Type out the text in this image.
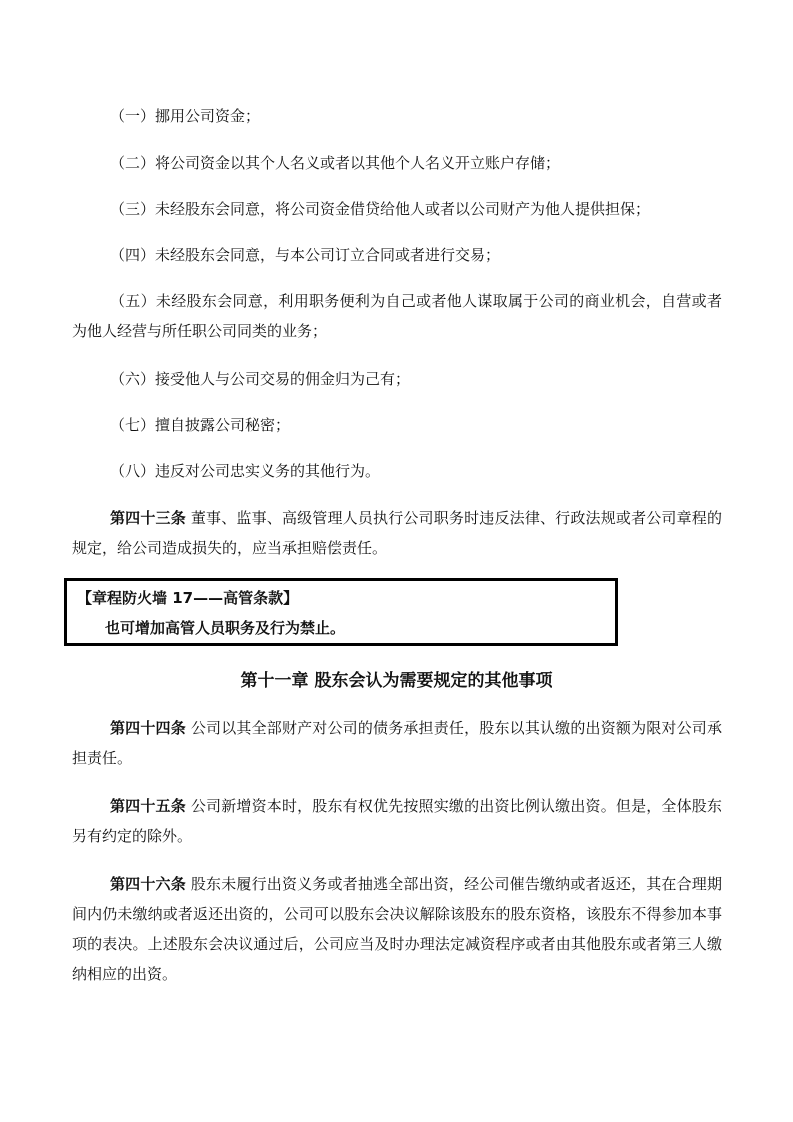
（一）挪用公司资金；
（二）将公司资金以其个人名义或者以其他个人名义开立账户存储；
（三）未经股东会同意，将公司资金借贷给他人或者以公司财产为他人提供担保；
（四）未经股东会同意，与本公司订立合同或者进行交易；
（五）未经股东会同意，利用职务便利为自己或者他人谋取属于公司的商业机会，自营或者为他人经营与所任职公司同类的业务；
（六）接受他人与公司交易的佣金归为己有；
（七）擅自披露公司秘密；
（八）违反对公司忠实义务的其他行为。
第四十三条 董事、监事、高级管理人员执行公司职务时违反法律、行政法规或者公司章程的规定，给公司造成损失的，应当承担赔偿责任。
【章程防火墙 17——高管条款】
也可增加高管人员职务及行为禁止。
第十一章 股东会认为需要规定的其他事项
第四十四条 公司以其全部财产对公司的债务承担责任，股东以其认缴的出资额为限对公司承担责任。
第四十五条 公司新增资本时，股东有权优先按照实缴的出资比例认缴出资。但是，全体股东另有约定的除外。
第四十六条 股东未履行出资义务或者抽逃全部出资，经公司催告缴纳或者返还，其在合理期间内仍未缴纳或者返还出资的，公司可以股东会决议解除该股东的股东资格，该股东不得参加本事项的表决。上述股东会决议通过后，公司应当及时办理法定减资程序或者由其他股东或者第三人缴纳相应的出资。
